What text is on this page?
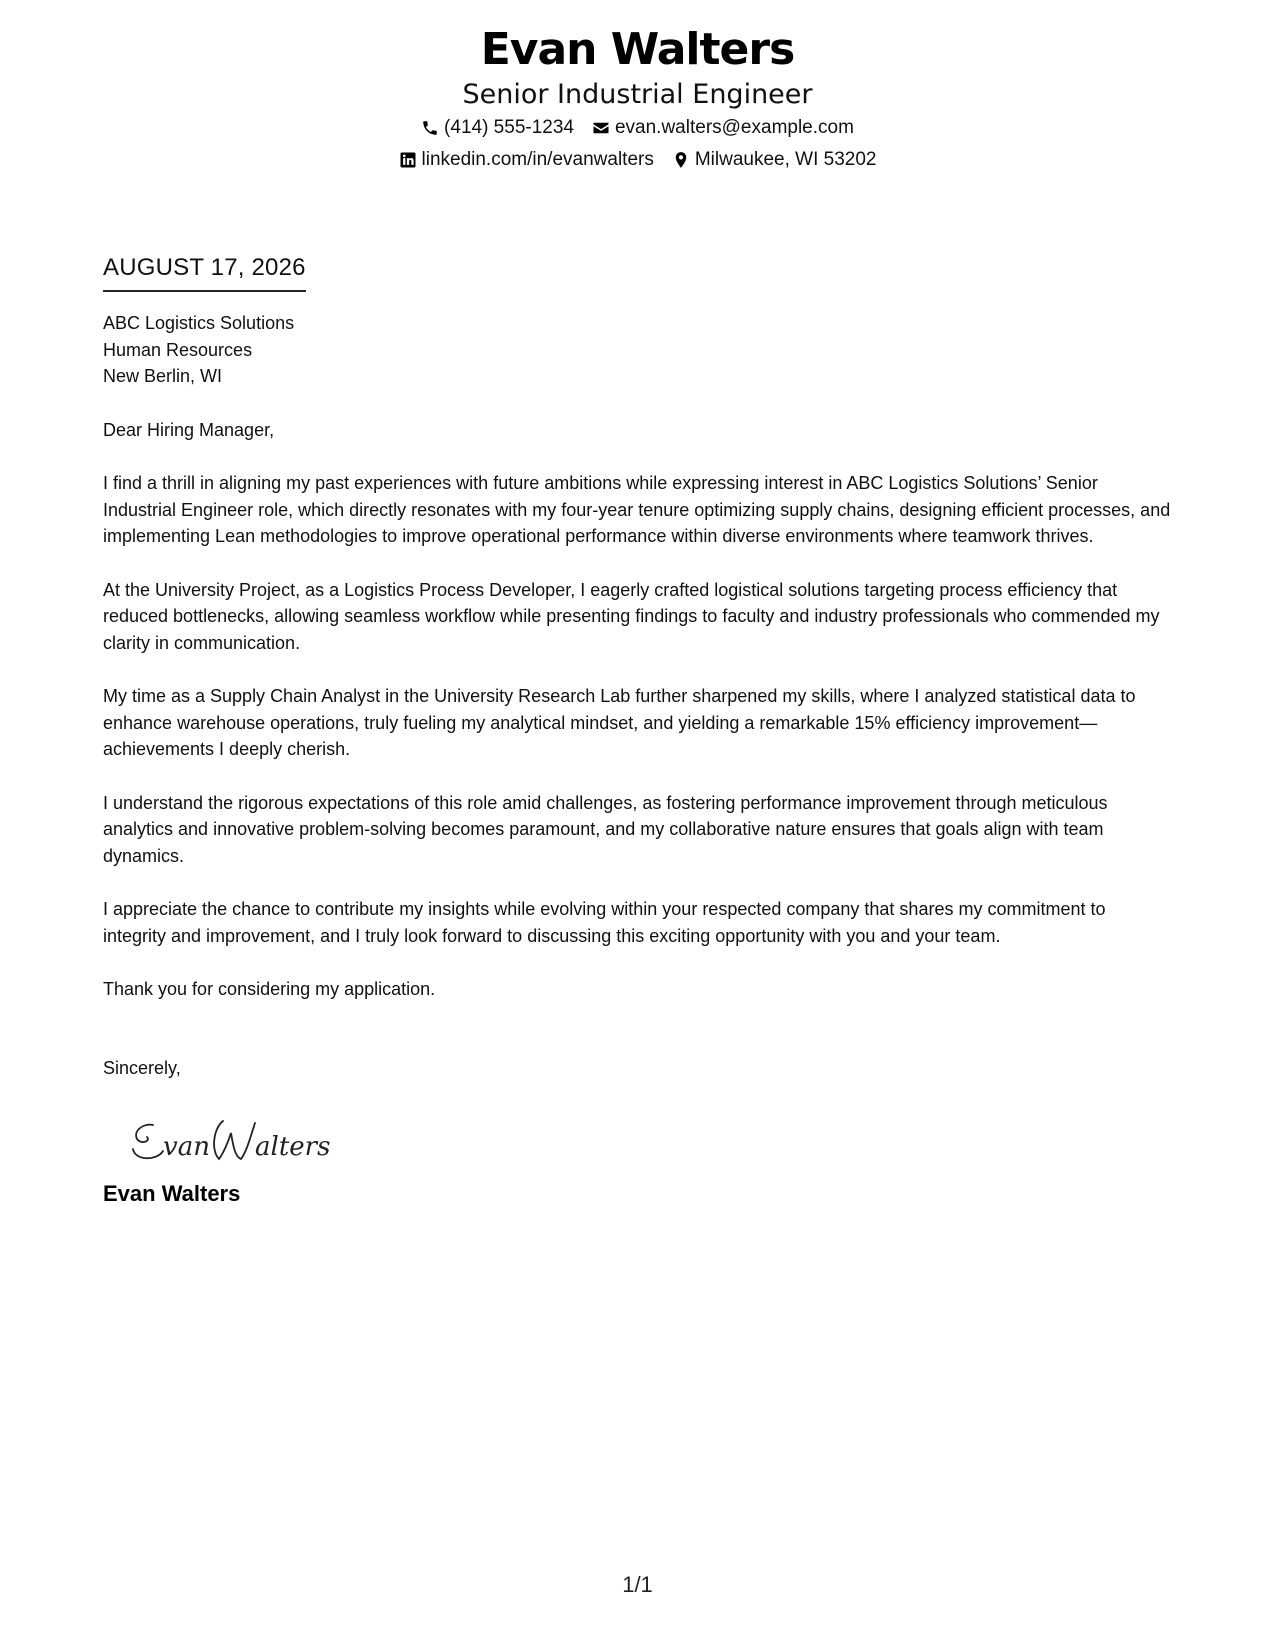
Evan Walters
Senior Industrial Engineer
(414) 555-1234 evan.walters@example.com
linkedin.com/in/evanwalters Milwaukee, WI 53202
AUGUST 17, 2026
ABC Logistics Solutions
Human Resources
New Berlin, WI
Dear Hiring Manager,

I find a thrill in aligning my past experiences with future ambitions while expressing interest in ABC Logistics Solutions’ Senior Industrial Engineer role, which directly resonates with my four-year tenure optimizing supply chains, designing efficient processes, and implementing Lean methodologies to improve operational performance within diverse environments where teamwork thrives.

At the University Project, as a Logistics Process Developer, I eagerly crafted logistical solutions targeting process efficiency that reduced bottlenecks, allowing seamless workflow while presenting findings to faculty and industry professionals who commended my clarity in communication.

My time as a Supply Chain Analyst in the University Research Lab further sharpened my skills, where I analyzed statistical data to enhance warehouse operations, truly fueling my analytical mindset, and yielding a remarkable 15% efficiency improvement—achievements I deeply cherish.

I understand the rigorous expectations of this role amid challenges, as fostering performance improvement through meticulous analytics and innovative problem-solving becomes paramount, and my collaborative nature ensures that goals align with team dynamics.

I appreciate the chance to contribute my insights while evolving within your respected company that shares my commitment to integrity and improvement, and I truly look forward to discussing this exciting opportunity with you and your team.

Thank you for considering my application.
Sincerely,
van alters
Evan Walters
1/1
